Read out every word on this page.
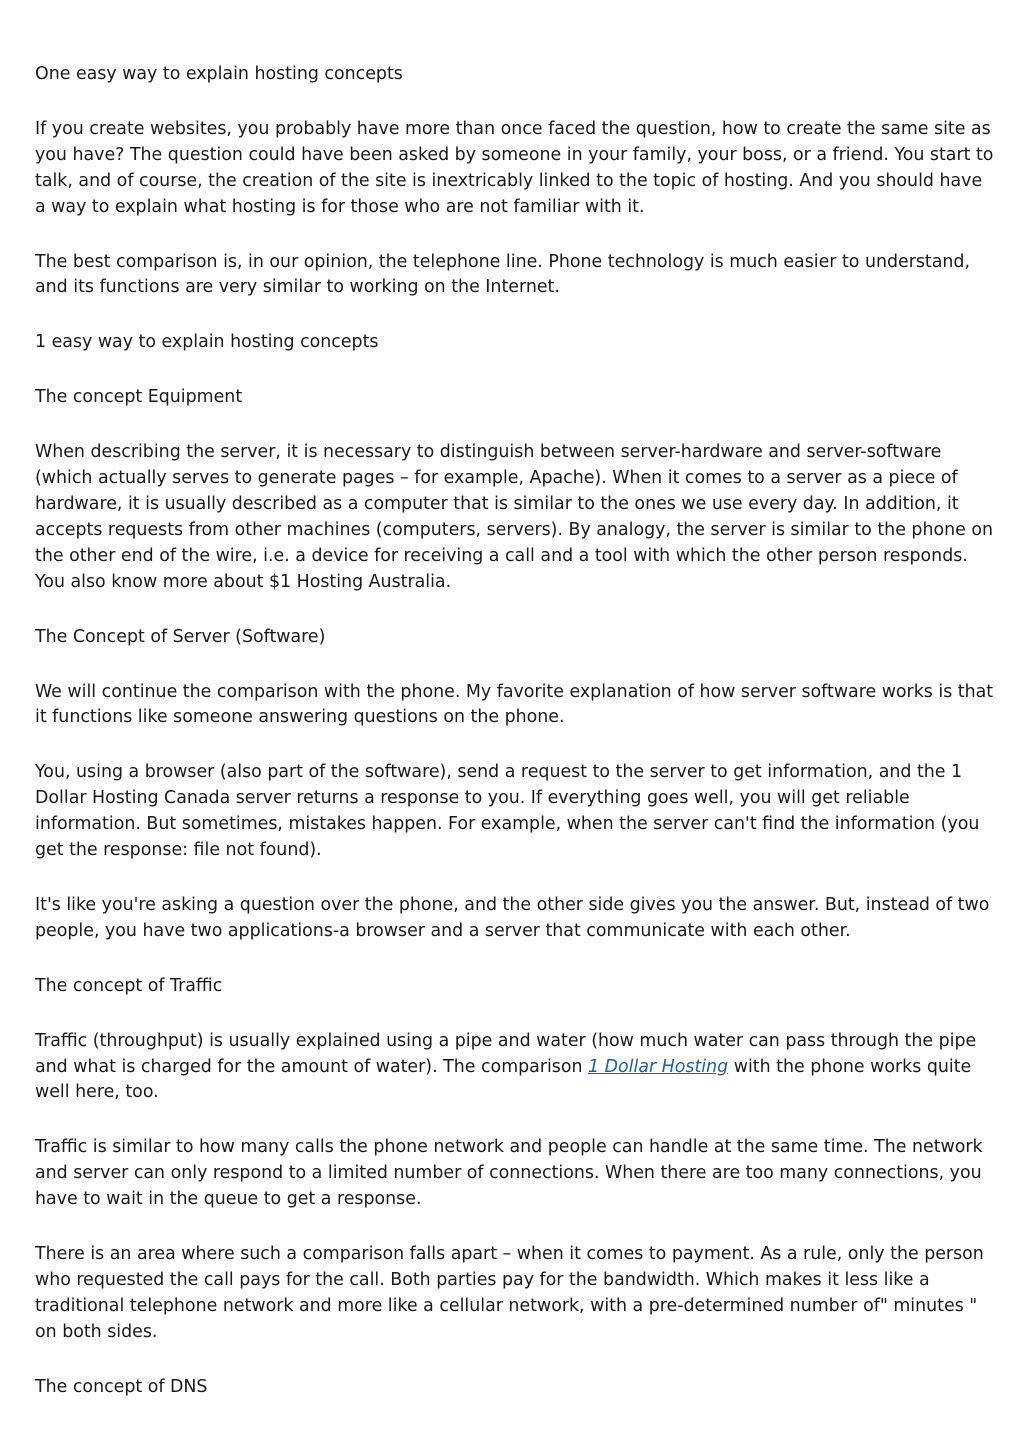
One easy way to explain hosting concepts

If you create websites, you probably have more than once faced the question, how to create the same site as you have? The question could have been asked by someone in your family, your boss, or a friend. You start to talk, and of course, the creation of the site is inextricably linked to the topic of hosting. And you should have a way to explain what hosting is for those who are not familiar with it.

The best comparison is, in our opinion, the telephone line. Phone technology is much easier to understand, and its functions are very similar to working on the Internet.

1 easy way to explain hosting concepts

The concept Equipment

When describing the server, it is necessary to distinguish between server-hardware and server-software (which actually serves to generate pages – for example, Apache). When it comes to a server as a piece of hardware, it is usually described as a computer that is similar to the ones we use every day. In addition, it accepts requests from other machines (computers, servers). By analogy, the server is similar to the phone on the other end of the wire, i.e. a device for receiving a call and a tool with which the other person responds. You also know more about $1 Hosting Australia.

The Concept of Server (Software)

We will continue the comparison with the phone. My favorite explanation of how server software works is that it functions like someone answering questions on the phone.

You, using a browser (also part of the software), send a request to the server to get information, and the 1 Dollar Hosting Canada server returns a response to you. If everything goes well, you will get reliable information. But sometimes, mistakes happen. For example, when the server can't find the information (you get the response: file not found).

It's like you're asking a question over the phone, and the other side gives you the answer. But, instead of two people, you have two applications-a browser and a server that communicate with each other.

The concept of Traffic

Traffic (throughput) is usually explained using a pipe and water (how much water can pass through the pipe and what is charged for the amount of water). The comparison 1 Dollar Hosting with the phone works quite well here, too.

Traffic is similar to how many calls the phone network and people can handle at the same time. The network and server can only respond to a limited number of connections. When there are too many connections, you have to wait in the queue to get a response.

There is an area where such a comparison falls apart – when it comes to payment. As a rule, only the person who requested the call pays for the call. Both parties pay for the bandwidth. Which makes it less like a traditional telephone network and more like a cellular network, with a pre-determined number of" minutes " on both sides.

The concept of DNS
